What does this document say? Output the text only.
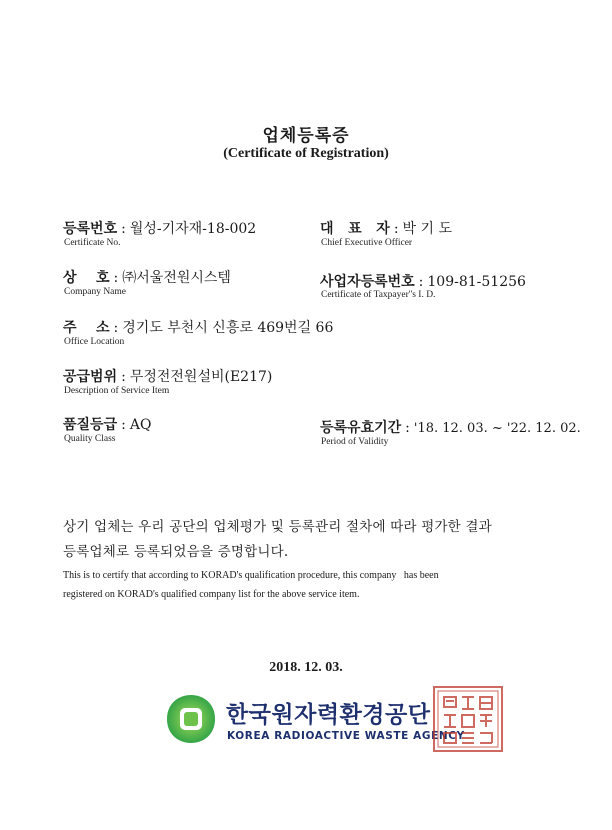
업체등록증
(Certificate of Registration)
등록번호 : 월성-기자재-18-002
Certificate No.
대   표   자 : 박 기 도
Chief Executive Officer
상    호 : ㈜서울전원시스템
Company Name
사업자등록번호 : 109-81-51256
Certificate of Taxpayer''s I. D.
주    소 : 경기도 부천시 신흥로 469번길 66
Office Location
공급범위 : 무정전전원설비(E217)
Description of Service Item
품질등급 : AQ
Quality Class
등록유효기간 : '18. 12. 03. ~ '22. 12. 02.
Period of Validity
상기 업체는 우리 공단의 업체평가 및 등록관리 절차에 따라 평가한 결과
등록업체로 등록되었음을 증명합니다.
This is to certify that according to KORAD's qualification procedure, this company   has been
registered on KORAD's qualified company list for the above service item.
2018. 12. 03.
한국원자력환경공단
KOREA RADIOACTIVE WASTE AGENCY
